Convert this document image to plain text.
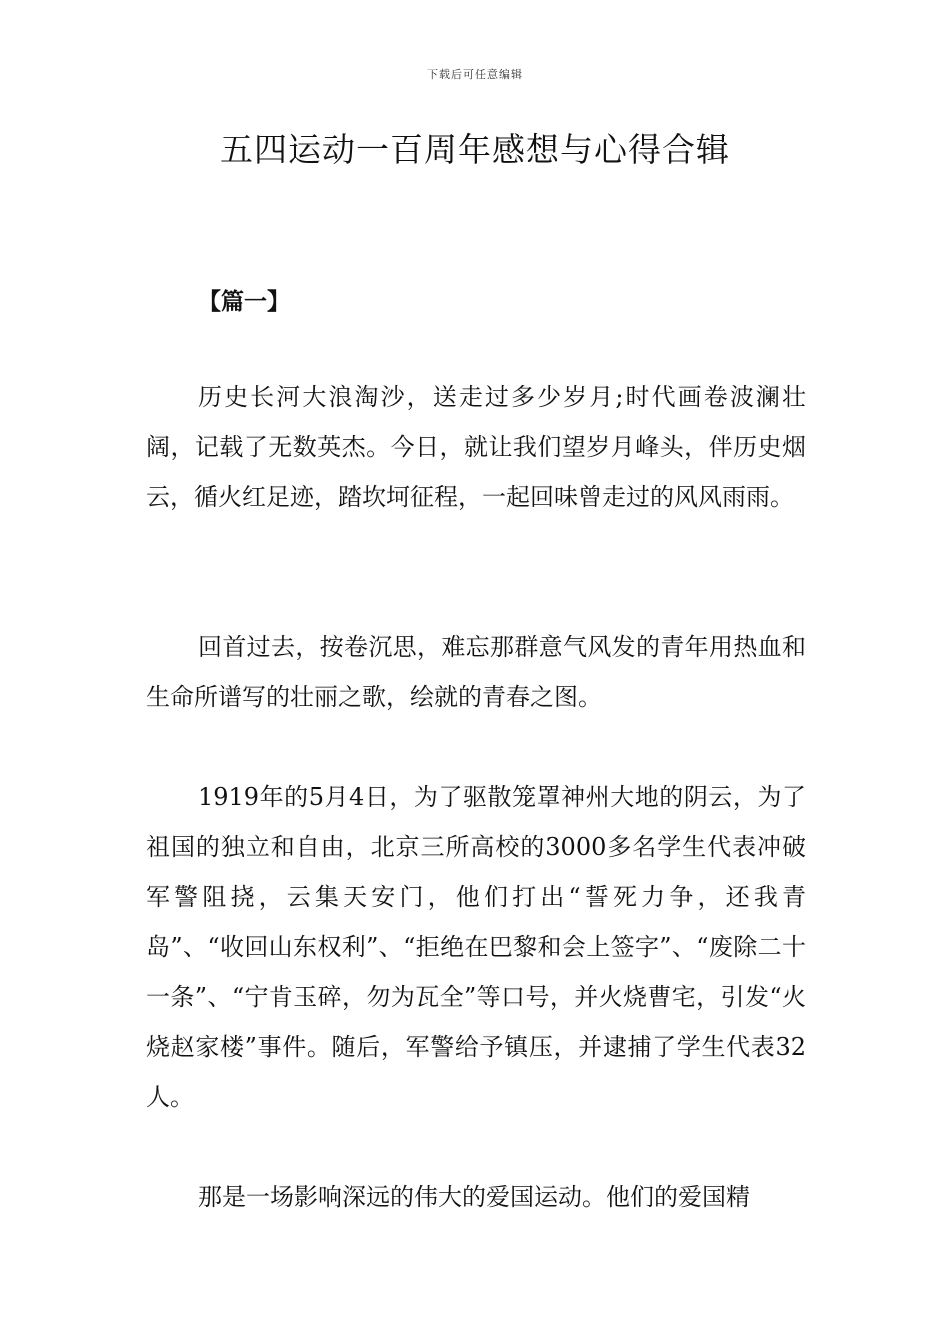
下载后可任意编辑
五四运动一百周年感想与心得合辑
【篇一】

历史长河大浪淘沙，送走过多少岁月;时代画卷波澜壮阔，记载了无数英杰。今日，就让我们望岁月峰头，伴历史烟云，循火红足迹，踏坎坷征程，一起回味曾走过的风风雨雨。

回首过去，按卷沉思，难忘那群意气风发的青年用热血和生命所谱写的壮丽之歌，绘就的青春之图。

1919年的5月4日，为了驱散笼罩神州大地的阴云，为了祖国的独立和自由，北京三所高校的3000多名学生代表冲破军警阻挠，云集天安门，他们打出“誓死力争，还我青岛”、“收回山东权利”、“拒绝在巴黎和会上签字”、“废除二十一条”、“宁肯玉碎，勿为瓦全”等口号，并火烧曹宅，引发“火烧赵家楼”事件。随后，军警给予镇压，并逮捕了学生代表32人。

那是一场影响深远的伟大的爱国运动。他们的爱国精
